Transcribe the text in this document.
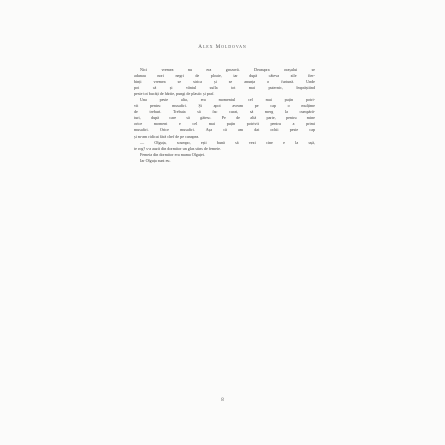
Alex Moldovan
Nici vremea nu era grozavă. Deasupra orașului se
adunau nori negri de ploaie, iar după câteva zile fier-
binți vremea se strica și se anunța o furtună. Unde
poi că și vântul sufla tot mai puternic, împrăștiind
peste tot bucăți de hârtie, pungi de plastic și praf.
Una peste alta, era momentul cel mai puțin potri-
vit pentru musafiri. Și apoi aveam pe cap o mulțime
de treburi. Trebuia să fac curat, să merg la cumpără-
turi, după care să gătesc. Pe de altă parte, pentru mine
orice moment e cel mai puțin potrivit pentru a primi
musafiri. Orice musafiri. Așa că am dat ochii peste cap
și m-am ridicat fără chef de pe canapea.
— Olguța, scumpo, ești bună să vezi cine e la ușă,
te rog? s-a auzit din dormitor un glas stins de femeie.
Femeia din dormitor era mama Olguței.
Iar Olguța sunt eu.
8
